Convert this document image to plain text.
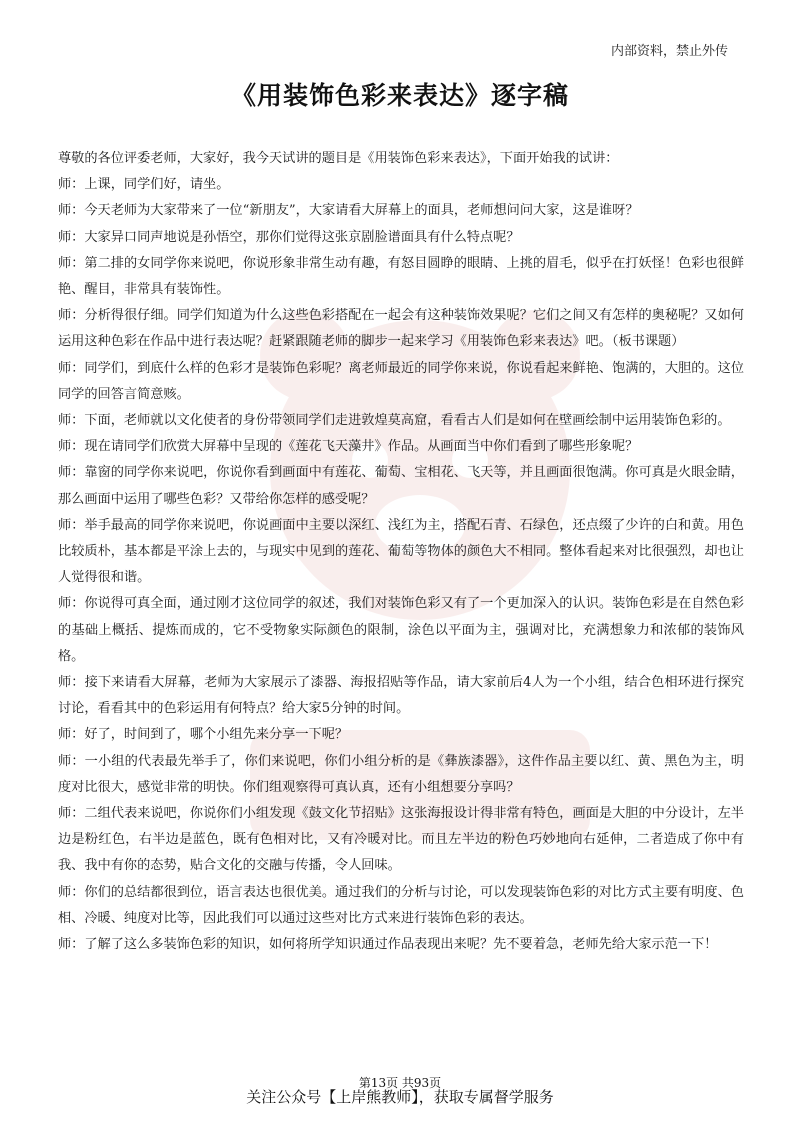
内部资料，禁止外传
《用装饰色彩来表达》逐字稿

尊敬的各位评委老师，大家好，我今天试讲的题目是《用装饰色彩来表达》，下面开始我的试讲：

师：上课，同学们好，请坐。

师：今天老师为大家带来了一位“新朋友”，大家请看大屏幕上的面具，老师想问问大家，这是谁呀？

师：大家异口同声地说是孙悟空，那你们觉得这张京剧脸谱面具有什么特点呢？

师：第二排的女同学你来说吧，你说形象非常生动有趣，有怒目圆睁的眼睛、上挑的眉毛，似乎在打妖怪！色彩也很鲜艳、醒目，非常具有装饰性。

师：分析得很仔细。同学们知道为什么这些色彩搭配在一起会有这种装饰效果呢？它们之间又有怎样的奥秘呢？又如何运用这种色彩在作品中进行表达呢？赶紧跟随老师的脚步一起来学习《用装饰色彩来表达》吧。（板书课题）

师：同学们，到底什么样的色彩才是装饰色彩呢？离老师最近的同学你来说，你说看起来鲜艳、饱满的，大胆的。这位同学的回答言简意赅。

师：下面，老师就以文化使者的身份带领同学们走进敦煌莫高窟，看看古人们是如何在壁画绘制中运用装饰色彩的。

师：现在请同学们欣赏大屏幕中呈现的《莲花飞天藻井》作品。从画面当中你们看到了哪些形象呢？

师：靠窗的同学你来说吧，你说你看到画面中有莲花、葡萄、宝相花、飞天等，并且画面很饱满。你可真是火眼金睛，那么画面中运用了哪些色彩？又带给你怎样的感受呢？

师：举手最高的同学你来说吧，你说画面中主要以深红、浅红为主，搭配石青、石绿色，还点缀了少许的白和黄。用色比较质朴，基本都是平涂上去的，与现实中见到的莲花、葡萄等物体的颜色大不相同。整体看起来对比很强烈，却也让人觉得很和谐。

师：你说得可真全面，通过刚才这位同学的叙述，我们对装饰色彩又有了一个更加深入的认识。装饰色彩是在自然色彩的基础上概括、提炼而成的，它不受物象实际颜色的限制，涂色以平面为主，强调对比，充满想象力和浓郁的装饰风格。

师：接下来请看大屏幕，老师为大家展示了漆器、海报招贴等作品，请大家前后4人为一个小组，结合色相环进行探究讨论，看看其中的色彩运用有何特点？给大家5分钟的时间。

师：好了，时间到了，哪个小组先来分享一下呢？

师：一小组的代表最先举手了，你们来说吧，你们小组分析的是《彝族漆器》，这件作品主要以红、黄、黑色为主，明度对比很大，感觉非常的明快。你们组观察得可真认真，还有小组想要分享吗？

师：二组代表来说吧，你说你们小组发现《鼓文化节招贴》这张海报设计得非常有特色，画面是大胆的中分设计，左半边是粉红色，右半边是蓝色，既有色相对比，又有冷暖对比。而且左半边的粉色巧妙地向右延伸，二者造成了你中有我、我中有你的态势，贴合文化的交融与传播，令人回味。

师：你们的总结都很到位，语言表达也很优美。通过我们的分析与讨论，可以发现装饰色彩的对比方式主要有明度、色相、冷暖、纯度对比等，因此我们可以通过这些对比方式来进行装饰色彩的表达。

师：了解了这么多装饰色彩的知识，如何将所学知识通过作品表现出来呢？先不要着急，老师先给大家示范一下！

第13页 共93页
关注公众号【上岸熊教师】，获取专属督学服务
